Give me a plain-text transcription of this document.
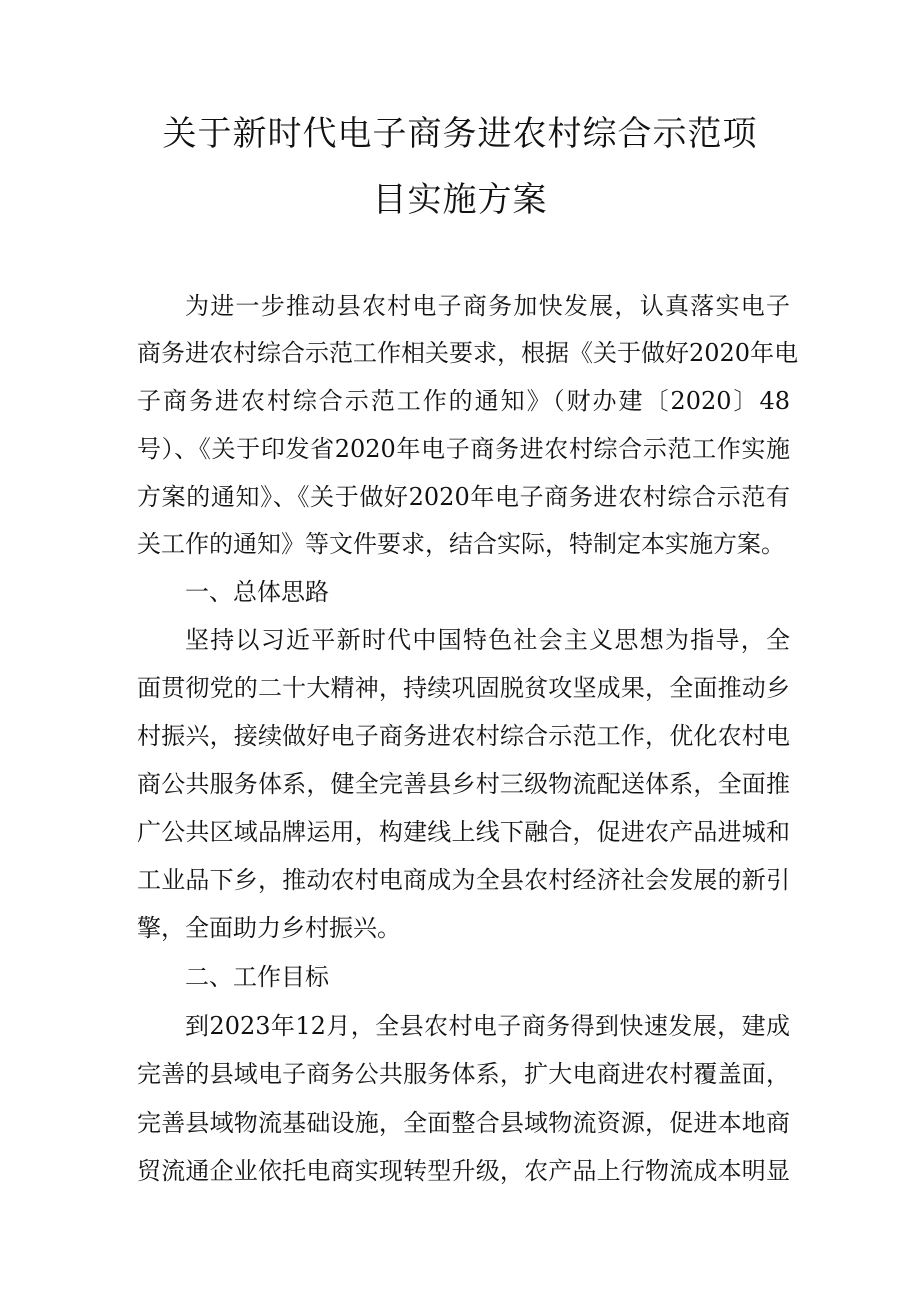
关于新时代电子商务进农村综合示范项
目实施方案
为进一步推动县农村电子商务加快发展，认真落实电子
商务进农村综合示范工作相关要求，根据《关于做好2020年电
子商务进农村综合示范工作的通知》（财办建〔2020〕48
号）、《关于印发省2020年电子商务进农村综合示范工作实施
方案的通知》、《关于做好2020年电子商务进农村综合示范有
关工作的通知》等文件要求，结合实际，特制定本实施方案。
一、总体思路
坚持以习近平新时代中国特色社会主义思想为指导，全
面贯彻党的二十大精神，持续巩固脱贫攻坚成果，全面推动乡
村振兴，接续做好电子商务进农村综合示范工作，优化农村电
商公共服务体系，健全完善县乡村三级物流配送体系，全面推
广公共区域品牌运用，构建线上线下融合，促进农产品进城和
工业品下乡，推动农村电商成为全县农村经济社会发展的新引
擎，全面助力乡村振兴。
二、工作目标
到2023年12月，全县农村电子商务得到快速发展，建成
完善的县域电子商务公共服务体系，扩大电商进农村覆盖面，
完善县域物流基础设施，全面整合县域物流资源，促进本地商
贸流通企业依托电商实现转型升级，农产品上行物流成本明显
